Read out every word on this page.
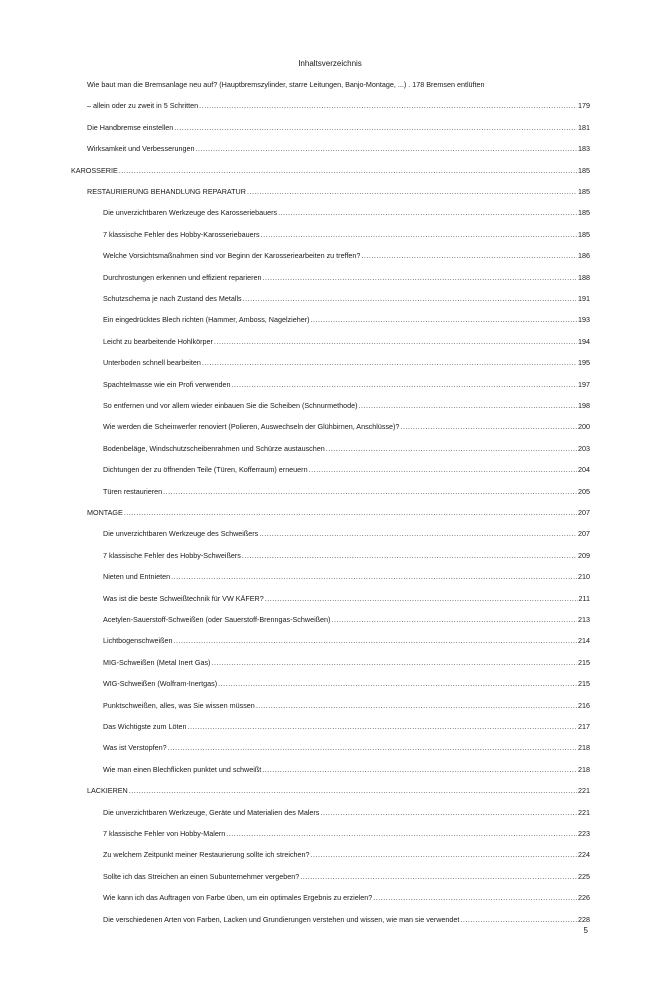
Inhaltsverzeichnis
Wie baut man die Bremsanlage neu auf? (Hauptbremszylinder, starre Leitungen, Banjo-Montage, ...) . 178 Bremsen entlüften
– allein oder zu zweit in 5 Schritten .....	179
Die Handbremse einstellen .....	181
Wirksamkeit und Verbesserungen .....	183
KAROSSERIE .....	185
RESTAURIERUNG BEHANDLUNG REPARATUR .....	185
Die unverzichtbaren Werkzeuge des Karosseriebauers .....	185
7 klassische Fehler des Hobby-Karosseriebauers .....	185
Welche Vorsichtsmaßnahmen sind vor Beginn der Karosseriearbeiten zu treffen? .....	186
Durchrostungen erkennen und effizient reparieren .....	188
Schutzschema je nach Zustand des Metalls .....	191
Ein eingedrücktes Blech richten (Hammer, Amboss, Nagelzieher) .....	193
Leicht zu bearbeitende Hohlkörper .....	194
Unterboden schnell bearbeiten .....	195
Spachtelmasse wie ein Profi verwenden .....	197
So entfernen und vor allem wieder einbauen Sie die Scheiben (Schnurmethode) .....	198
Wie werden die Scheinwerfer renoviert (Polieren, Auswechseln der Glühbirnen, Anschlüsse)? .....	200
Bodenbeläge, Windschutzscheibenrahmen und Schürze austauschen .....	203
Dichtungen der zu öffnenden Teile (Türen, Kofferraum) erneuern .....	204
Türen restaurieren .....	205
MONTAGE .....	207
Die unverzichtbaren Werkzeuge des Schweißers .....	207
7 klassische Fehler des Hobby-Schweißers .....	209
Nieten und Entnieten .....	210
Was ist die beste Schweißtechnik für VW KÄFER? .....	211
Acetylen-Sauerstoff-Schweißen (oder Sauerstoff-Brenngas-Schweißen) .....	213
Lichtbogenschweißen .....	214
MIG-Schweißen (Metal Inert Gas) .....	215
WIG-Schweißen (Wolfram-Inertgas) .....	215
Punktschweißen, alles, was Sie wissen müssen .....	216
Das Wichtigste zum Löten .....	217
Was ist Verstopfen? .....	218
Wie man einen Blechflicken punktet und schweißt .....	218
LACKIEREN .....	221
Die unverzichtbaren Werkzeuge, Geräte und Materialien des Malers .....	221
7 klassische Fehler von Hobby-Malern .....	223
Zu welchem Zeitpunkt meiner Restaurierung sollte ich streichen? .....	224
Sollte ich das Streichen an einen Subunternehmer vergeben? .....	225
Wie kann ich das Auftragen von Farbe üben, um ein optimales Ergebnis zu erzielen? .....	226
Die verschiedenen Arten von Farben, Lacken und Grundierungen verstehen und wissen, wie man sie verwendet .....	228
5
